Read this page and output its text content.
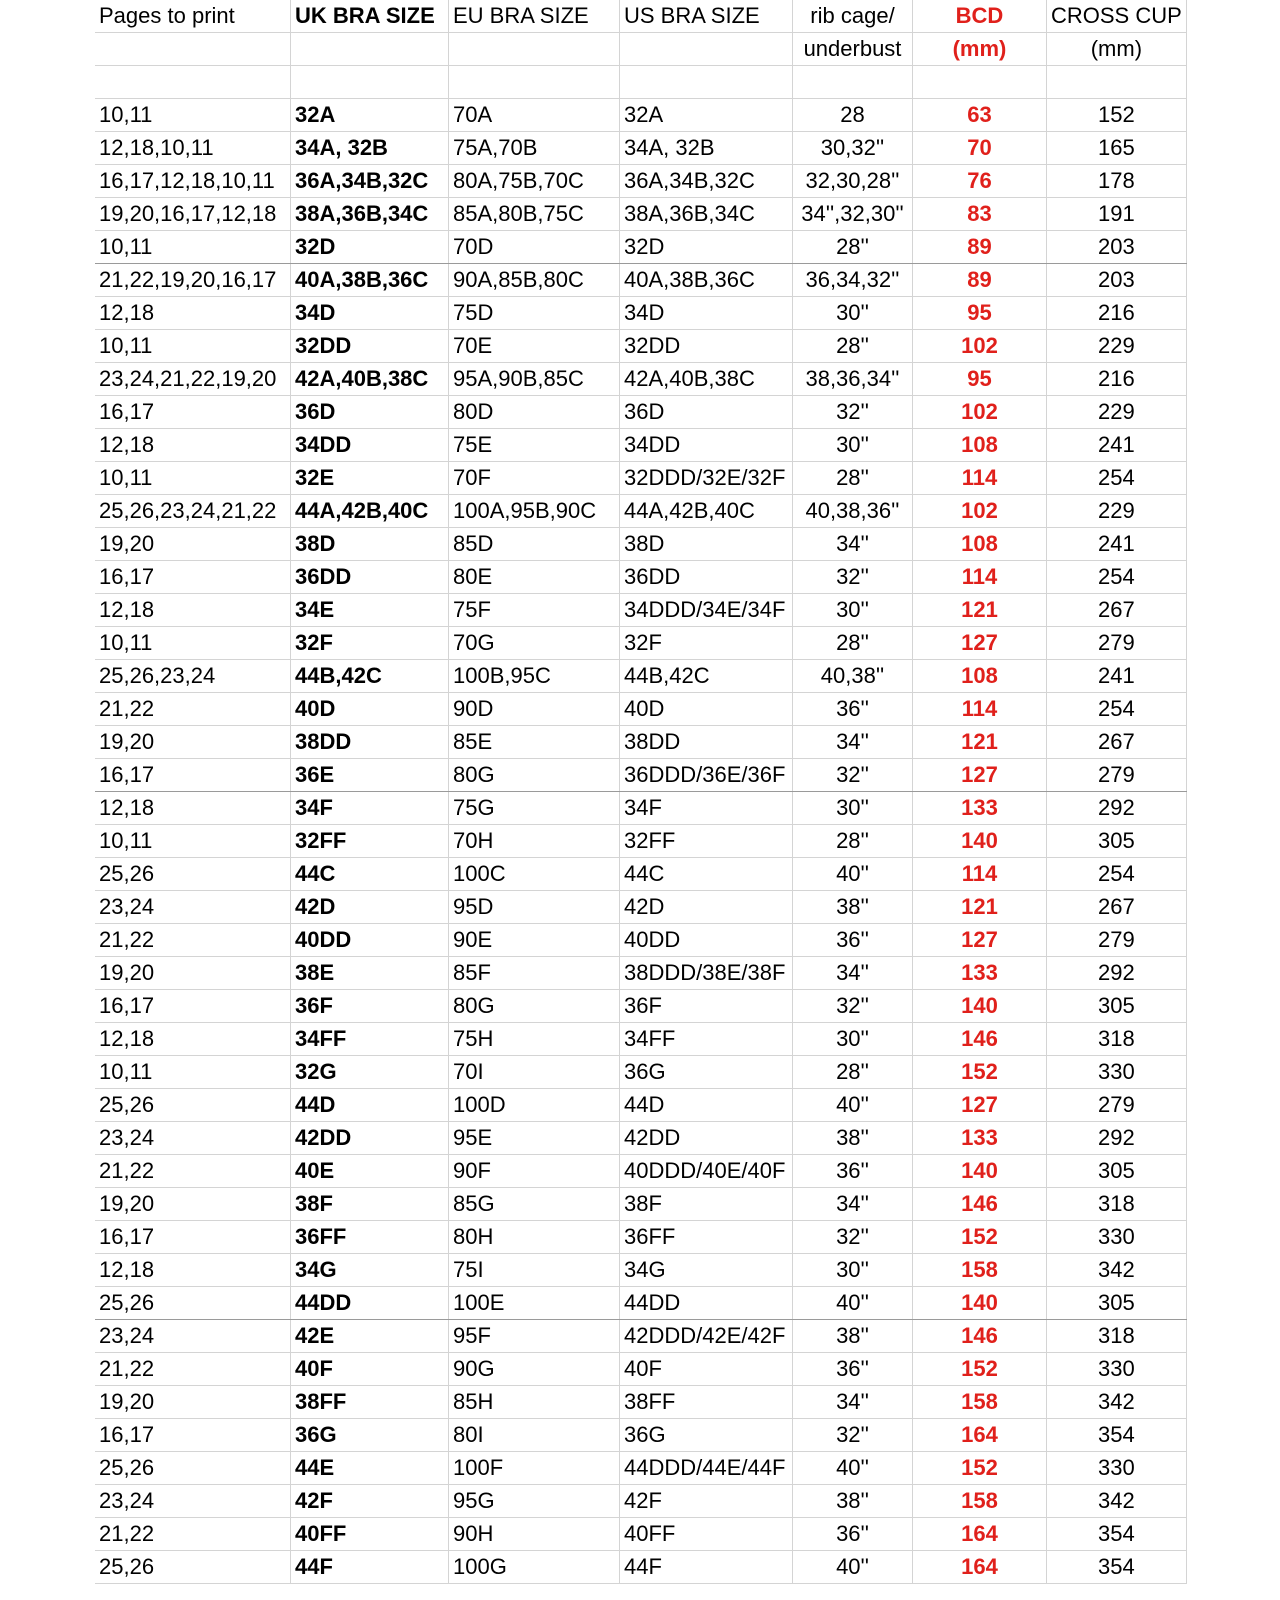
Pages to print	UK BRA SIZE	EU BRA SIZE	US BRA SIZE	rib cage/	BCD	CROSS CUP
				underbust	(mm)	(mm)

10,11	32A	70A	32A	28	63	152
12,18,10,11	34A, 32B	75A,70B	34A, 32B	30,32''	70	165
16,17,12,18,10,11	36A,34B,32C	80A,75B,70C	36A,34B,32C	32,30,28''	76	178
19,20,16,17,12,18	38A,36B,34C	85A,80B,75C	38A,36B,34C	34'',32,30''	83	191
10,11	32D	70D	32D	28''	89	203
21,22,19,20,16,17	40A,38B,36C	90A,85B,80C	40A,38B,36C	36,34,32''	89	203
12,18	34D	75D	34D	30''	95	216
10,11	32DD	70E	32DD	28''	102	229
23,24,21,22,19,20	42A,40B,38C	95A,90B,85C	42A,40B,38C	38,36,34''	95	216
16,17	36D	80D	36D	32''	102	229
12,18	34DD	75E	34DD	30''	108	241
10,11	32E	70F	32DDD/32E/32F	28''	114	254
25,26,23,24,21,22	44A,42B,40C	100A,95B,90C	44A,42B,40C	40,38,36''	102	229
19,20	38D	85D	38D	34''	108	241
16,17	36DD	80E	36DD	32''	114	254
12,18	34E	75F	34DDD/34E/34F	30''	121	267
10,11	32F	70G	32F	28''	127	279
25,26,23,24	44B,42C	100B,95C	44B,42C	40,38''	108	241
21,22	40D	90D	40D	36''	114	254
19,20	38DD	85E	38DD	34''	121	267
16,17	36E	80G	36DDD/36E/36F	32''	127	279
12,18	34F	75G	34F	30''	133	292
10,11	32FF	70H	32FF	28''	140	305
25,26	44C	100C	44C	40''	114	254
23,24	42D	95D	42D	38''	121	267
21,22	40DD	90E	40DD	36''	127	279
19,20	38E	85F	38DDD/38E/38F	34''	133	292
16,17	36F	80G	36F	32''	140	305
12,18	34FF	75H	34FF	30''	146	318
10,11	32G	70I	36G	28''	152	330
25,26	44D	100D	44D	40''	127	279
23,24	42DD	95E	42DD	38''	133	292
21,22	40E	90F	40DDD/40E/40F	36''	140	305
19,20	38F	85G	38F	34''	146	318
16,17	36FF	80H	36FF	32''	152	330
12,18	34G	75I	34G	30''	158	342
25,26	44DD	100E	44DD	40''	140	305
23,24	42E	95F	42DDD/42E/42F	38''	146	318
21,22	40F	90G	40F	36''	152	330
19,20	38FF	85H	38FF	34''	158	342
16,17	36G	80I	36G	32''	164	354
25,26	44E	100F	44DDD/44E/44F	40''	152	330
23,24	42F	95G	42F	38''	158	342
21,22	40FF	90H	40FF	36''	164	354
25,26	44F	100G	44F	40''	164	354
